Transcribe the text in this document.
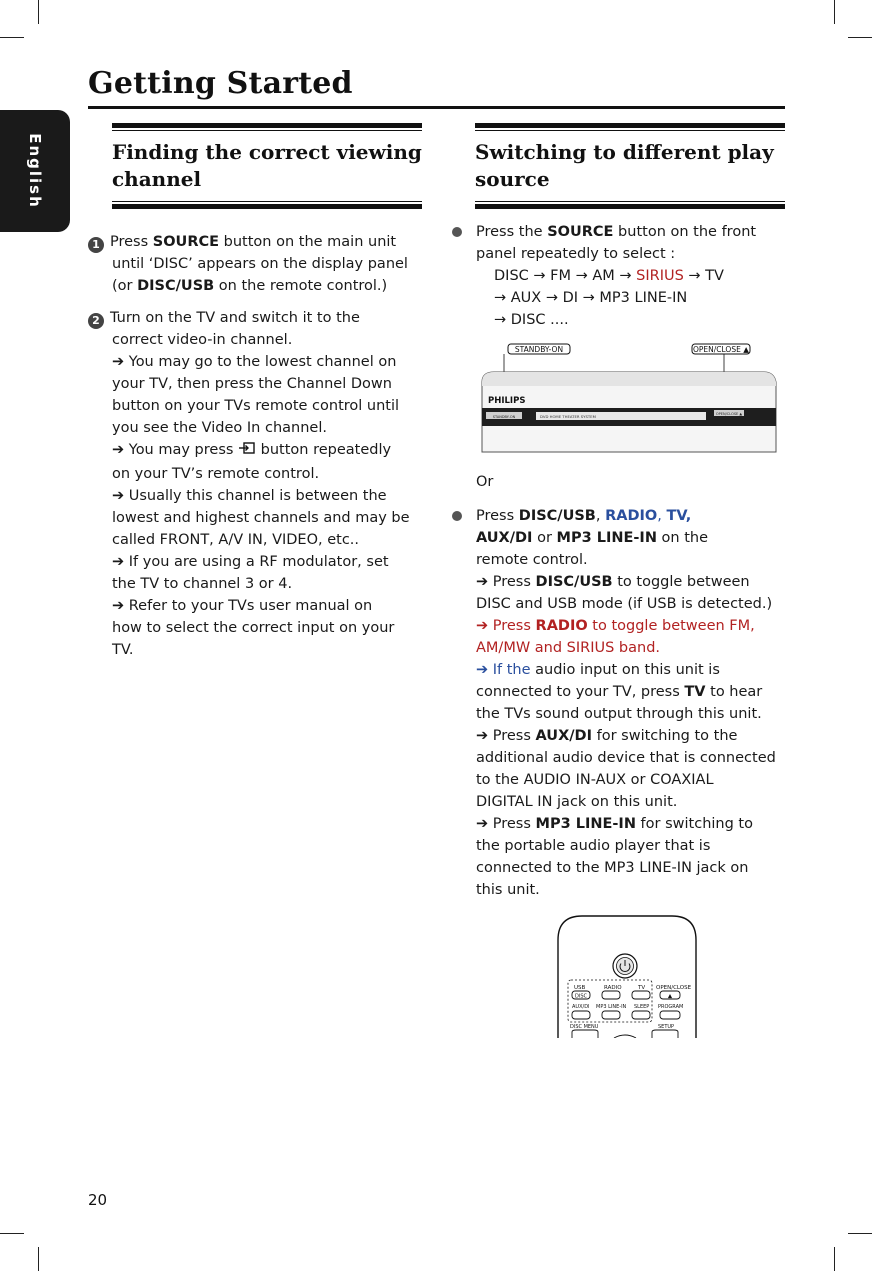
Getting Started
English	Finding the correct viewing
channel
Switching to different play
source
1 Press SOURCE button on the main unit
until ‘DISC’ appears on the display panel
(or DISC/USB on the remote control.)
2 Turn on the TV and switch it to the
correct video-in channel.
➔ You may go to the lowest channel on
your TV, then press the Channel Down
button on your TVs remote control until
you see the Video In channel.
➔ You may press  button repeatedly
on your TV’s remote control.
➔ Usually this channel is between the
lowest and highest channels and may be
called FRONT, A/V IN, VIDEO, etc..
➔ If you are using a RF modulator, set
the TV to channel 3 or 4.
➔ Refer to your TVs user manual on
how to select the correct input on your
TV.
Press the SOURCE button on the front
panel repeatedly to select :
DISC → FM → AM → SIRIUS → TV
→ AUX → DI → MP3 LINE-IN
→ DISC ....
STANDBY-ON	OPEN/CLOSE ▲
PHILIPS
STANDBY-ON	DVD HOME THEATER SYSTEM	OPEN/CLOSE ▲
Or
Press DISC/USB, RADIO, TV,
AUX/DI or MP3 LINE-IN on the
remote control.
➔ Press DISC/USB to toggle between
DISC and USB mode (if USB is detected.)
➔ Press RADIO to toggle between FM,
AM/MW and SIRIUS band.
➔ If the audio input on this unit is
connected to your TV, press TV to hear
the TVs sound output through this unit.
➔ Press AUX/DI for switching to the
additional audio device that is connected
to the AUDIO IN-AUX or COAXIAL
DIGITAL IN jack on this unit.
➔ Press MP3 LINE-IN for switching to
the portable audio player that is
connected to the MP3 LINE-IN jack on
this unit.
USB	RADIO	TV OPEN/CLOSE
DISC	▲
AUX/DI MP3 LINE-IN SLEEP PROGRAM
DISC MENU	SETUP
20
